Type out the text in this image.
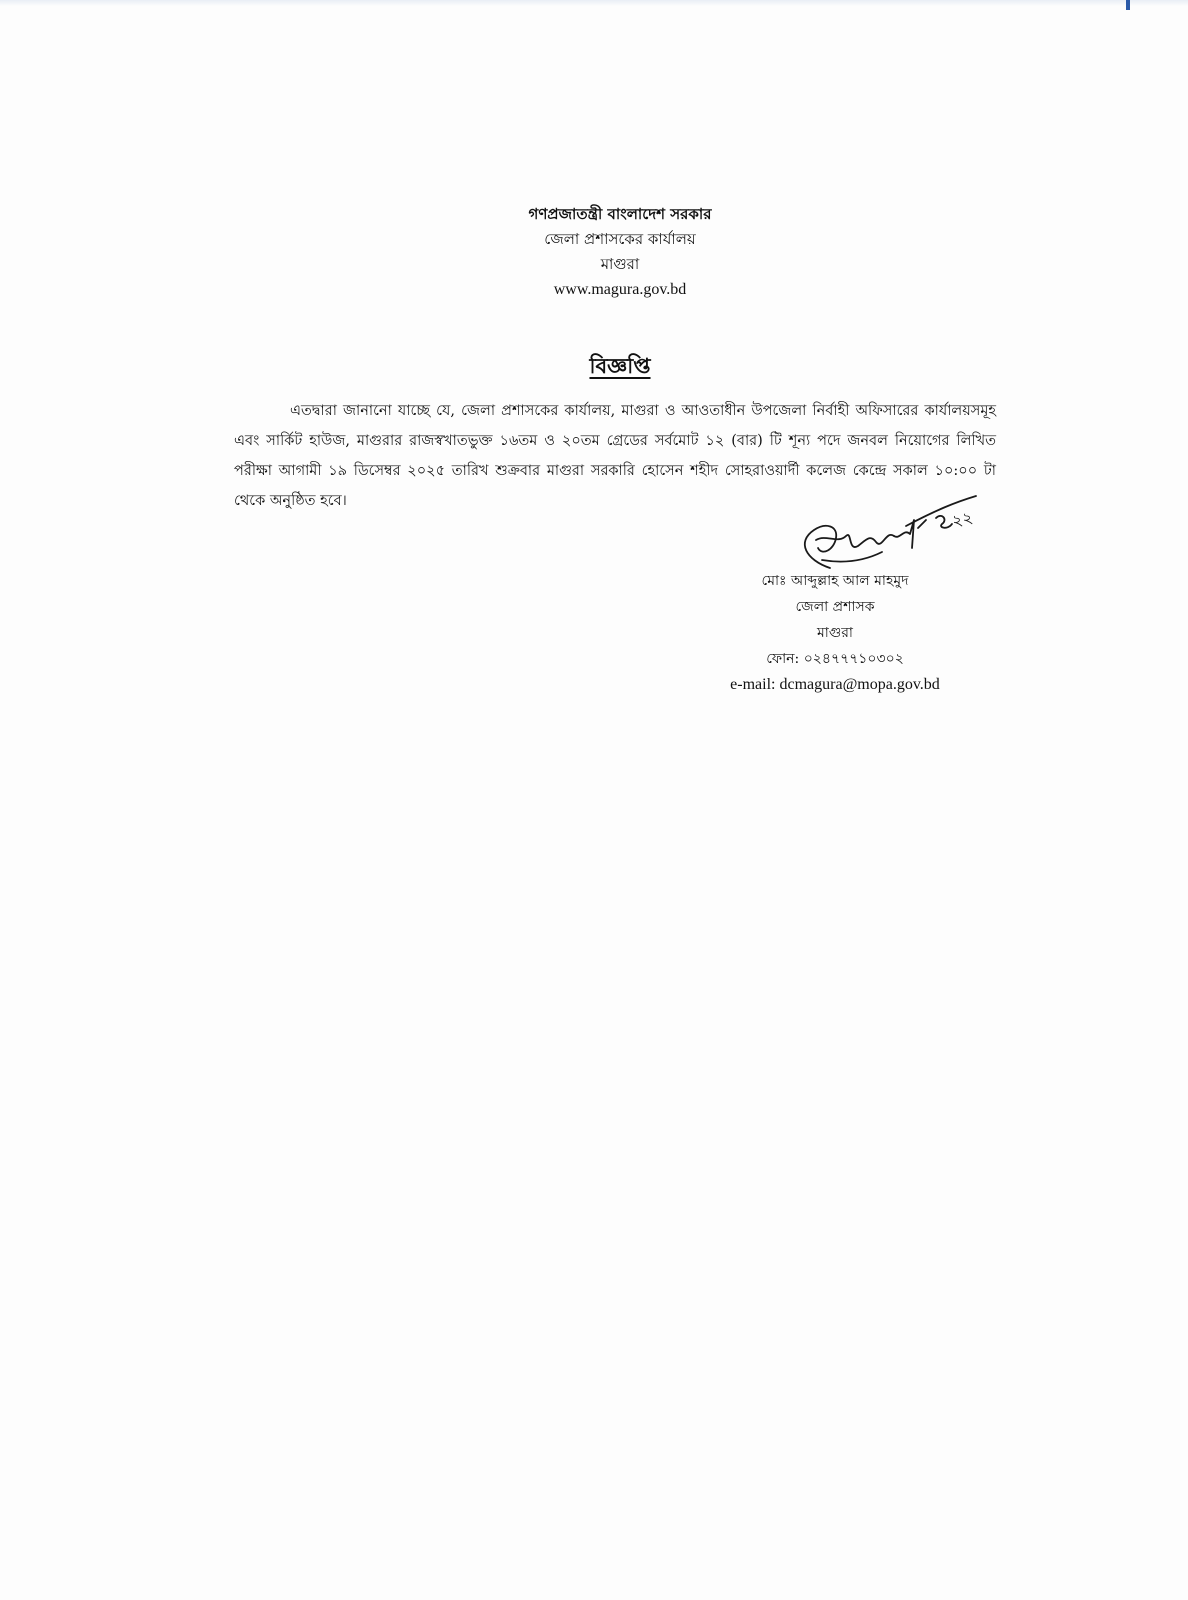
গণপ্রজাতন্ত্রী বাংলাদেশ সরকার
জেলা প্রশাসকের কার্যালয়
মাগুরা
www.magura.gov.bd
বিজ্ঞপ্তি

এতদ্বারা জানানো যাচ্ছে যে, জেলা প্রশাসকের কার্যালয়, মাগুরা ও আওতাধীন উপজেলা নির্বাহী অফিসারের কার্যালয়সমূহ এবং সার্কিট হাউজ, মাগুরার রাজস্বখাতভুক্ত ১৬তম ও ২০তম গ্রেডের সর্বমোট ১২ (বার) টি শূন্য পদে জনবল নিয়োগের লিখিত পরীক্ষা আগামী ১৯ ডিসেম্বর ২০২৫ তারিখ শুক্রবার মাগুরা সরকারি হোসেন শহীদ সোহরাওয়ার্দী কলেজ কেন্দ্রে সকাল ১০:০০ টা থেকে অনুষ্ঠিত হবে।

২২
মোঃ আব্দুল্লাহ আল মাহমুদ
জেলা প্রশাসক
মাগুরা
ফোন: ০২৪৭৭৭১০৩০২
e-mail: dcmagura@mopa.gov.bd
